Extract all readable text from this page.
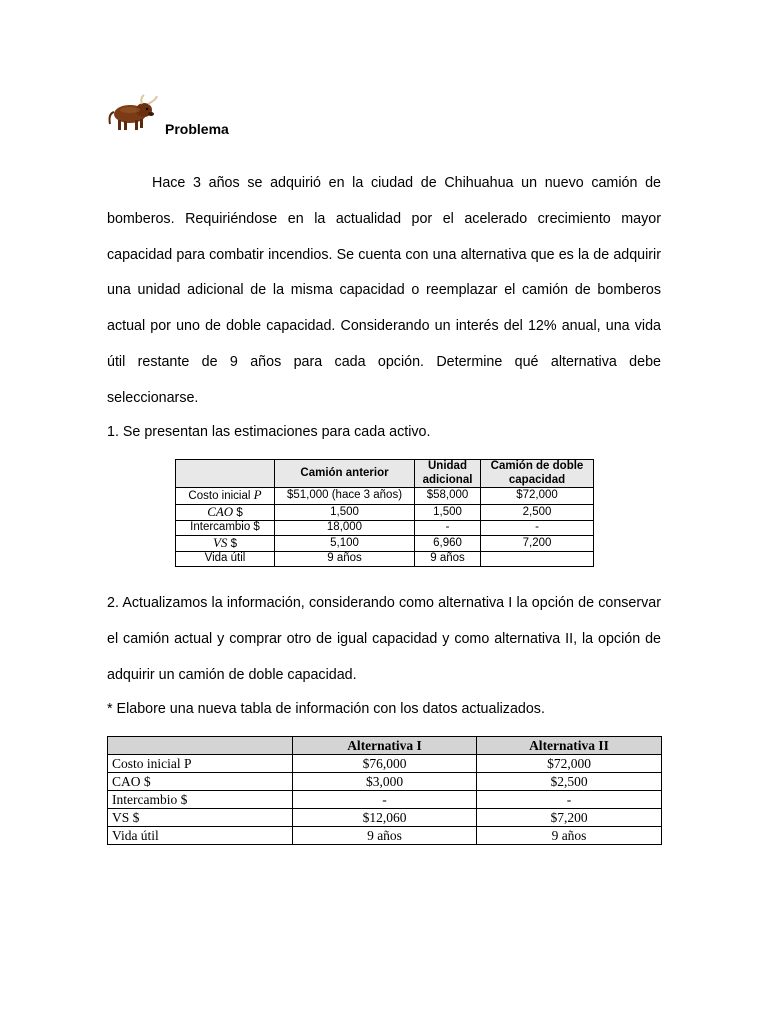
Problema

Hace 3 años se adquirió en la ciudad de Chihuahua un nuevo camión de bomberos. Requiriéndose en la actualidad por el acelerado crecimiento mayor capacidad para combatir incendios. Se cuenta con una alternativa que es la de adquirir una unidad adicional de la misma capacidad o reemplazar el camión de bomberos actual por uno de doble capacidad. Considerando un interés del 12% anual, una vida útil restante de 9 años para cada opción. Determine qué alternativa debe seleccionarse.

1. Se presentan las estimaciones para cada activo.
	Camión anterior	Unidad adicional	Camión de doble capacidad
Costo inicial P	$51,000 (hace 3 años)	$58,000	$72,000
CAO $	1,500	1,500	2,500
Intercambio $	18,000	-	-
VS $	5,100	6,960	7,200
Vida útil	9 años	9 años	

2. Actualizamos la información, considerando como alternativa I la opción de conservar el camión actual y comprar otro de igual capacidad y como alternativa II, la opción de adquirir un camión de doble capacidad.

* Elabore una nueva tabla de información con los datos actualizados.
	Alternativa I	Alternativa II
Costo inicial P	$76,000	$72,000
CAO $	$3,000	$2,500
Intercambio $	-	-
VS $	$12,060	$7,200
Vida útil	9 años	9 años
